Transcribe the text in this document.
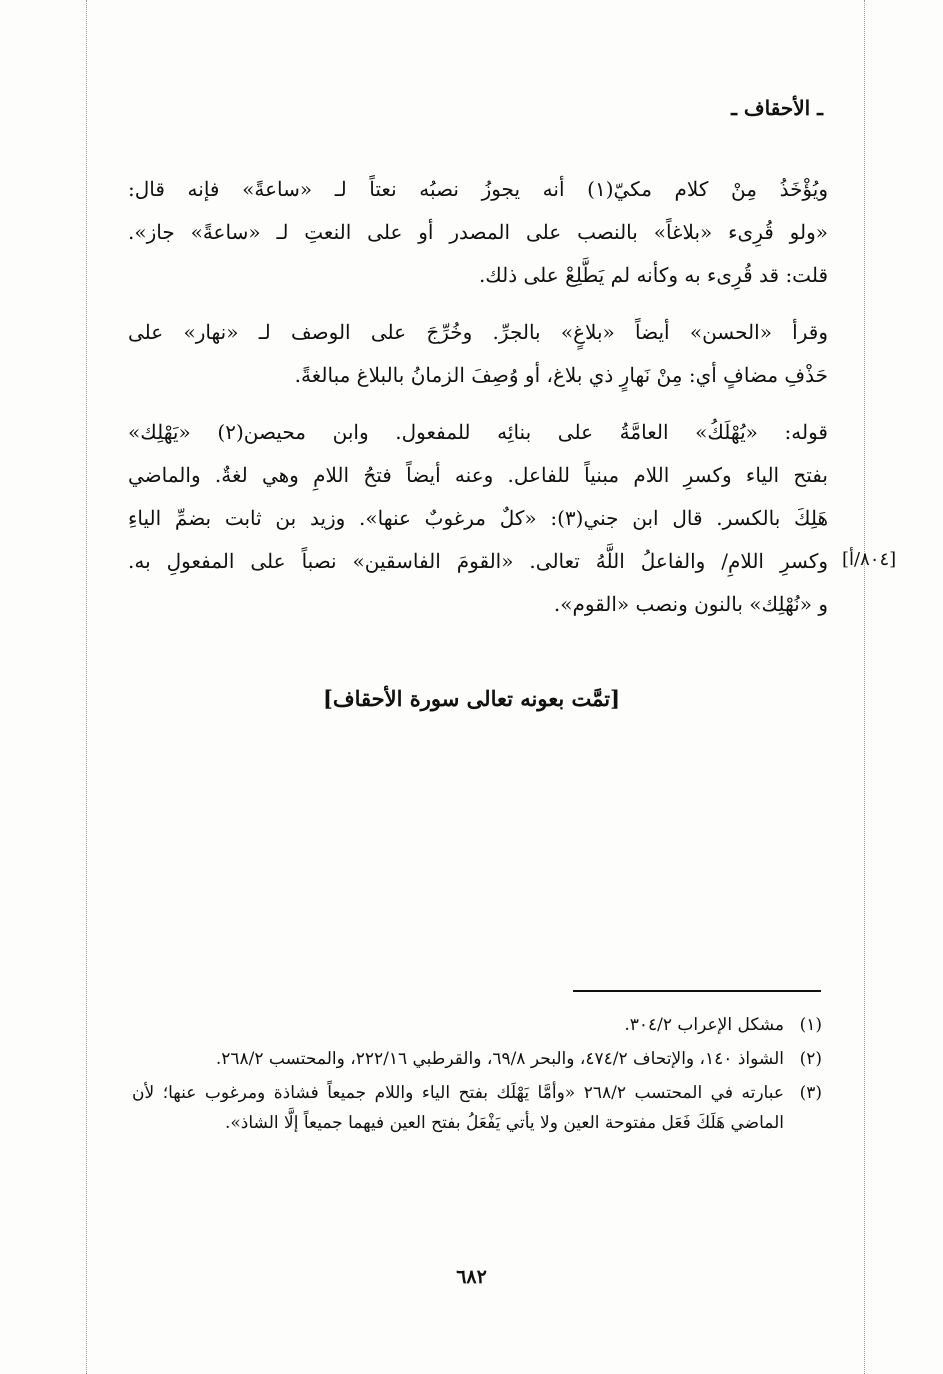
ـ الأحقاف ـ

ويُؤْخَذُ مِنْ كلام مكيّ(١) أنه يجوزُ نصبُه نعتاً لـ «ساعةً» فإنه قال:
«ولو قُرِىء «بلاغاً» بالنصب على المصدر أو على النعتِ لـ «ساعةً» جاز».
قلت: قد قُرِىء به وكأنه لم يَطَّلِعْ على ذلك.

وقرأ «الحسن» أيضاً «بلاغٍ» بالجرِّ. وخُرِّجَ على الوصف لـ «نهار» على
حَذْفِ مضافٍ أي: مِنْ نَهارٍ ذي بلاغ، أو وُصِفَ الزمانُ بالبلاغ مبالغةً.

قوله: «يُهْلَكُ» العامَّةُ على بنائِه للمفعول. وابن محيصن(٢) «يَهْلِك»
بفتح الياء وكسرِ اللام مبنياً للفاعل. وعنه أيضاً فتحُ اللامِ وهي لغةٌ. والماضي
هَلِكَ بالكسر. قال ابن جني(٣): «كلٌ مرغوبٌ عنها». وزيد بن ثابت بضمِّ الياءِ
وكسرِ اللامِ/ والفاعلُ اللَّهُ تعالى. «القومَ الفاسقين» نصباً على المفعولِ به.
و «نُهْلِك» بالنون ونصب «القوم».

[٨٠٤/أ]
[تمَّت بعونه تعالى سورة الأحقاف]
(١)
مشكل الإعراب ٣٠٤/٢.
(٢)
الشواذ ١٤٠، والإتحاف ٤٧٤/٢، والبحر ٦٩/٨، والقرطبي ٢٢٢/١٦، والمحتسب ٢٦٨/٢.
(٣)
عبارته في المحتسب ٢٦٨/٢ «وأمَّا يَهْلَك بفتح الياء واللام جميعاً فشاذة ومرغوب عنها؛ لأن الماضي هَلَكَ فَعَل مفتوحة العين ولا يأتي يَفْعَلُ بفتح العين فيهما جميعاً إلَّا الشاذ».
٦٨٢
